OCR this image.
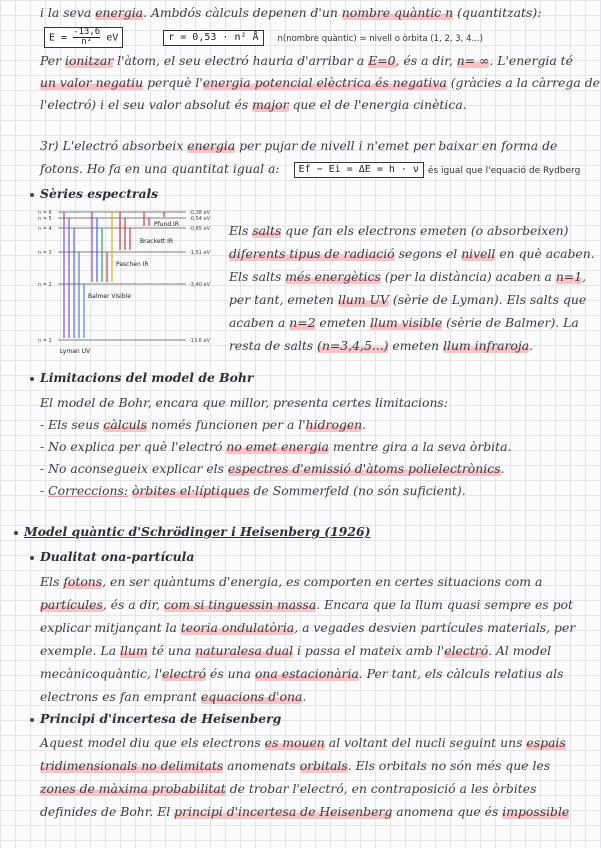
i la seva energia. Ambdós càlculs depenen d'un nombre quàntic n (quantitzats):
$E = \frac{-13,6}{\text{n²}}$ eV	r = 0,53 · n² Å n(nombre quàntic) = nivell o òrbita (1, 2, 3, 4...)
Per ionitzar l'àtom, el seu electró hauria d'arribar a E=0, és a dir, n= ∞. L'energia té
un valor negatiu perquè l'energia potencial elèctrica és negativa (gràcies a la càrrega de
l'electró) i el seu valor absolut és major que el de l'energia cinètica.
3r) L'electró absorbeix energia per pujar de nivell i n'emet per baixar en forma de
fotons. Ho fa en una quantitat igual a: Ef − Ei = ΔE = h · ν és igual que l'equació de Rydberg
Sèries espectrals
n = 6
n = 5
n = 4
n = 3
n = 2
n = 1
-0,38 eV
-0,54 eV
-0,85 eV
-1,51 eV
-3,40 eV
-13,6 eV
Pfund IR
Brackett IR
Paschen IR
Balmer Visible
Lyman UV
Els salts que fan els electrons emeten (o absorbeixen)
diferents tipus de radiació segons el nivell en què acaben.
Els salts més energètics (per la distància) acaben a n=1,
per tant, emeten llum UV (sèrie de Lyman). Els salts que
acaben a n=2 emeten llum visible (sèrie de Balmer). La
resta de salts (n=3,4,5...) emeten llum infraroja.
Limitacions del model de Bohr
El model de Bohr, encara que millor, presenta certes limitacions:
- Els seus càlculs només funcionen per a l'hidrogen.
- No explica per què l'electró no emet energia mentre gira a la seva òrbita.
- No aconsegueix explicar els espectres d'emissió d'àtoms polielectrònics.
- Correccions: òrbites el·líptiques de Sommerfeld (no són suficient).
Model quàntic d'Schrödinger i Heisenberg (1926)
Dualitat ona-partícula
Els fotons, en ser quàntums d'energia, es comporten en certes situacions com a
partícules, és a dir, com si tinguessin massa. Encara que la llum quasi sempre es pot
explicar mitjançant la teoria ondulatòria, a vegades desvien partícules materials, per
exemple. La llum té una naturalesa dual i passa el mateix amb l'electró. Al model
mecànicoquàntic, l'electró és una ona estacionària. Per tant, els càlculs relatius als
electrons es fan emprant equacions d'ona.
Principi d'incertesa de Heisenberg
Aquest model diu que els electrons es mouen al voltant del nucli seguint uns espais
tridimensionals no delimitats anomenats orbitals. Els orbitals no són més que les
zones de màxima probabilitat de trobar l'electró, en contraposició a les òrbites
definides de Bohr. El principi d'incertesa de Heisenberg anomena que és impossible
